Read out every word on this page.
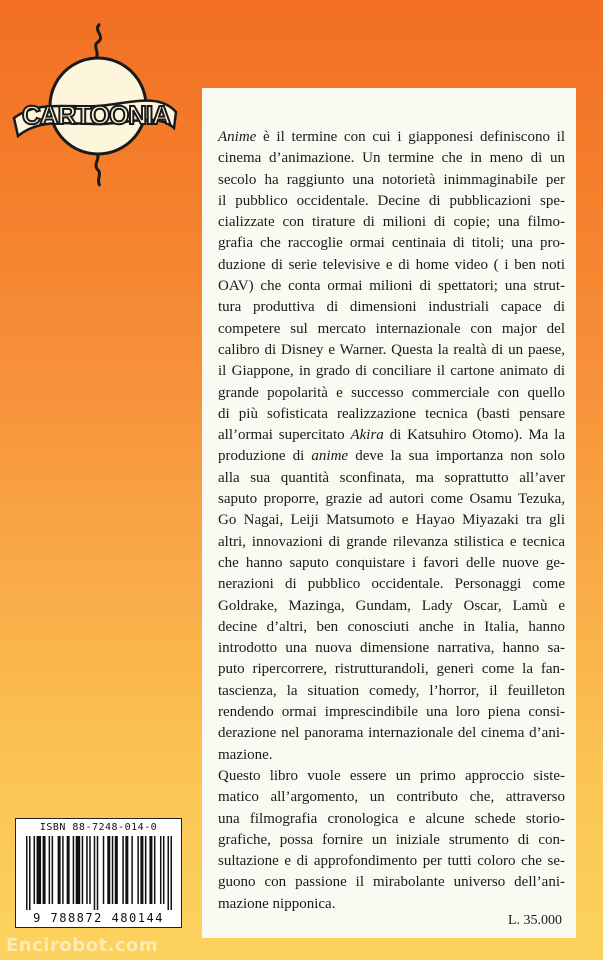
CARTOONIA
Anime è il termine con cui i giapponesi definiscono il
cinema d’animazione. Un termine che in meno di un
secolo ha raggiunto una notorietà inimmaginabile per
il pubblico occidentale. Decine di pubblicazioni spe-
cializzate con tirature di milioni di copie; una filmo-
grafia che raccoglie ormai centinaia di titoli; una pro-
duzione di serie televisive e di home video ( i ben noti
OAV) che conta ormai milioni di spettatori; una strut-
tura produttiva di dimensioni industriali capace di
competere sul mercato internazionale con major del
calibro di Disney e Warner. Questa la realtà di un paese,
il Giappone, in grado di conciliare il cartone animato di
grande popolarità e successo commerciale con quello
di più sofisticata realizzazione tecnica (basti pensare
all’ormai supercitato Akira di Katsuhiro Otomo). Ma la
produzione di anime deve la sua importanza non solo
alla sua quantità sconfinata, ma soprattutto all’aver
saputo proporre, grazie ad autori come Osamu Tezuka,
Go Nagai, Leiji Matsumoto e Hayao Miyazaki tra gli
altri, innovazioni di grande rilevanza stilistica e tecnica
che hanno saputo conquistare i favori delle nuove ge-
nerazioni di pubblico occidentale. Personaggi come
Goldrake, Mazinga, Gundam, Lady Oscar, Lamù e
decine d’altri, ben conosciuti anche in Italia, hanno
introdotto una nuova dimensione narrativa, hanno sa-
puto ripercorrere, ristrutturandoli, generi come la fan-
tascienza, la situation comedy, l’horror, il feuilleton
rendendo ormai imprescindibile una loro piena consi-
derazione nel panorama internazionale del cinema d’ani-
mazione.
Questo libro vuole essere un primo approccio siste-
matico all’argomento, un contributo che, attraverso
una filmografia cronologica e alcune schede storio-
grafiche, possa fornire un iniziale strumento di con-
sultazione e di approfondimento per tutti coloro che se-
guono con passione il mirabolante universo dell’ani-
mazione nipponica.
L. 35.000
ISBN 88-7248-014-0
9 788872 480144
Encirobot.com
